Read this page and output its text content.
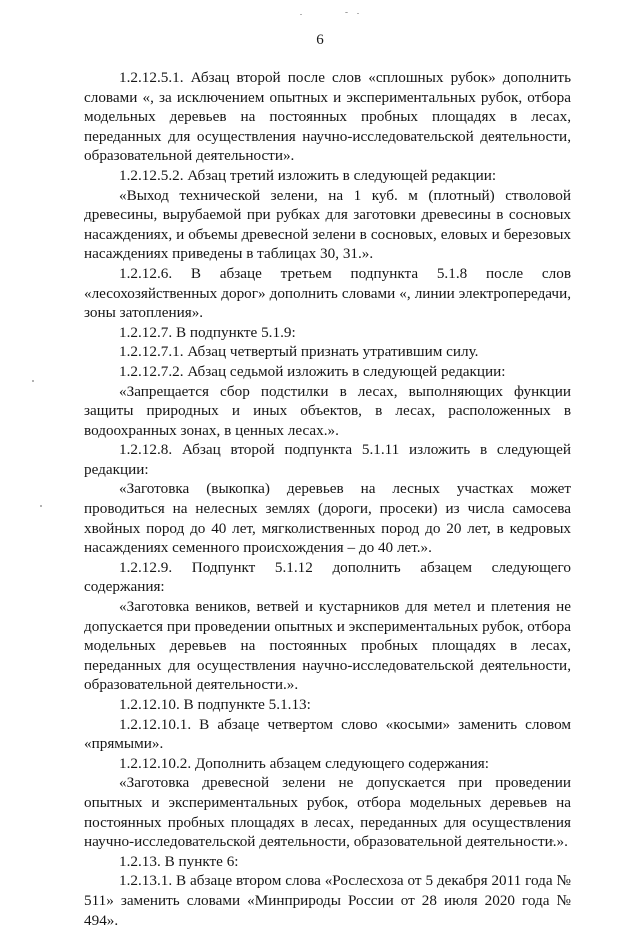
6

1.2.12.5.1. Абзац второй после слов «сплошных рубок» дополнить словами «, за исключением опытных и экспериментальных рубок, отбора модельных деревьев на постоянных пробных площадях в лесах, переданных для осуществления научно-исследовательской деятельности, образовательной деятельности».

1.2.12.5.2. Абзац третий изложить в следующей редакции:

«Выход технической зелени, на 1 куб. м (плотный) стволовой древесины, вырубаемой при рубках для заготовки древесины в сосновых насаждениях, и объемы древесной зелени в сосновых, еловых и березовых насаждениях приведены в таблицах 30, 31.».

1.2.12.6. В абзаце третьем подпункта 5.1.8 после слов «лесохозяйственных дорог» дополнить словами «, линии электропередачи, зоны затопления».

1.2.12.7. В подпункте 5.1.9:

1.2.12.7.1. Абзац четвертый признать утратившим силу.

1.2.12.7.2. Абзац седьмой изложить в следующей редакции:

«Запрещается сбор подстилки в лесах, выполняющих функции защиты природных и иных объектов, в лесах, расположенных в водоохранных зонах, в ценных лесах.».

1.2.12.8. Абзац второй подпункта 5.1.11 изложить в следующей редакции:

«Заготовка (выкопка) деревьев на лесных участках может проводиться на нелесных землях (дороги, просеки) из числа самосева хвойных пород до 40 лет, мягколиственных пород до 20 лет, в кедровых насаждениях семенного происхождения – до 40 лет.».

1.2.12.9. Подпункт 5.1.12 дополнить абзацем следующего содержания:

«Заготовка веников, ветвей и кустарников для метел и плетения не допускается при проведении опытных и экспериментальных рубок, отбора модельных деревьев на постоянных пробных площадях в лесах, переданных для осуществления научно-исследовательской деятельности, образовательной деятельности.».

1.2.12.10. В подпункте 5.1.13:

1.2.12.10.1. В абзаце четвертом слово «косыми» заменить словом «прямыми».

1.2.12.10.2. Дополнить абзацем следующего содержания:

«Заготовка древесной зелени не допускается при проведении опытных и экспериментальных рубок, отбора модельных деревьев на постоянных пробных площадях в лесах, переданных для осуществления научно-исследовательской деятельности, образовательной деятельности.».

1.2.13. В пункте 6:

1.2.13.1. В абзаце втором слова «Рослесхоза от 5 декабря 2011 года № 511» заменить словами «Минприроды России от 28 июля 2020 года № 494».
